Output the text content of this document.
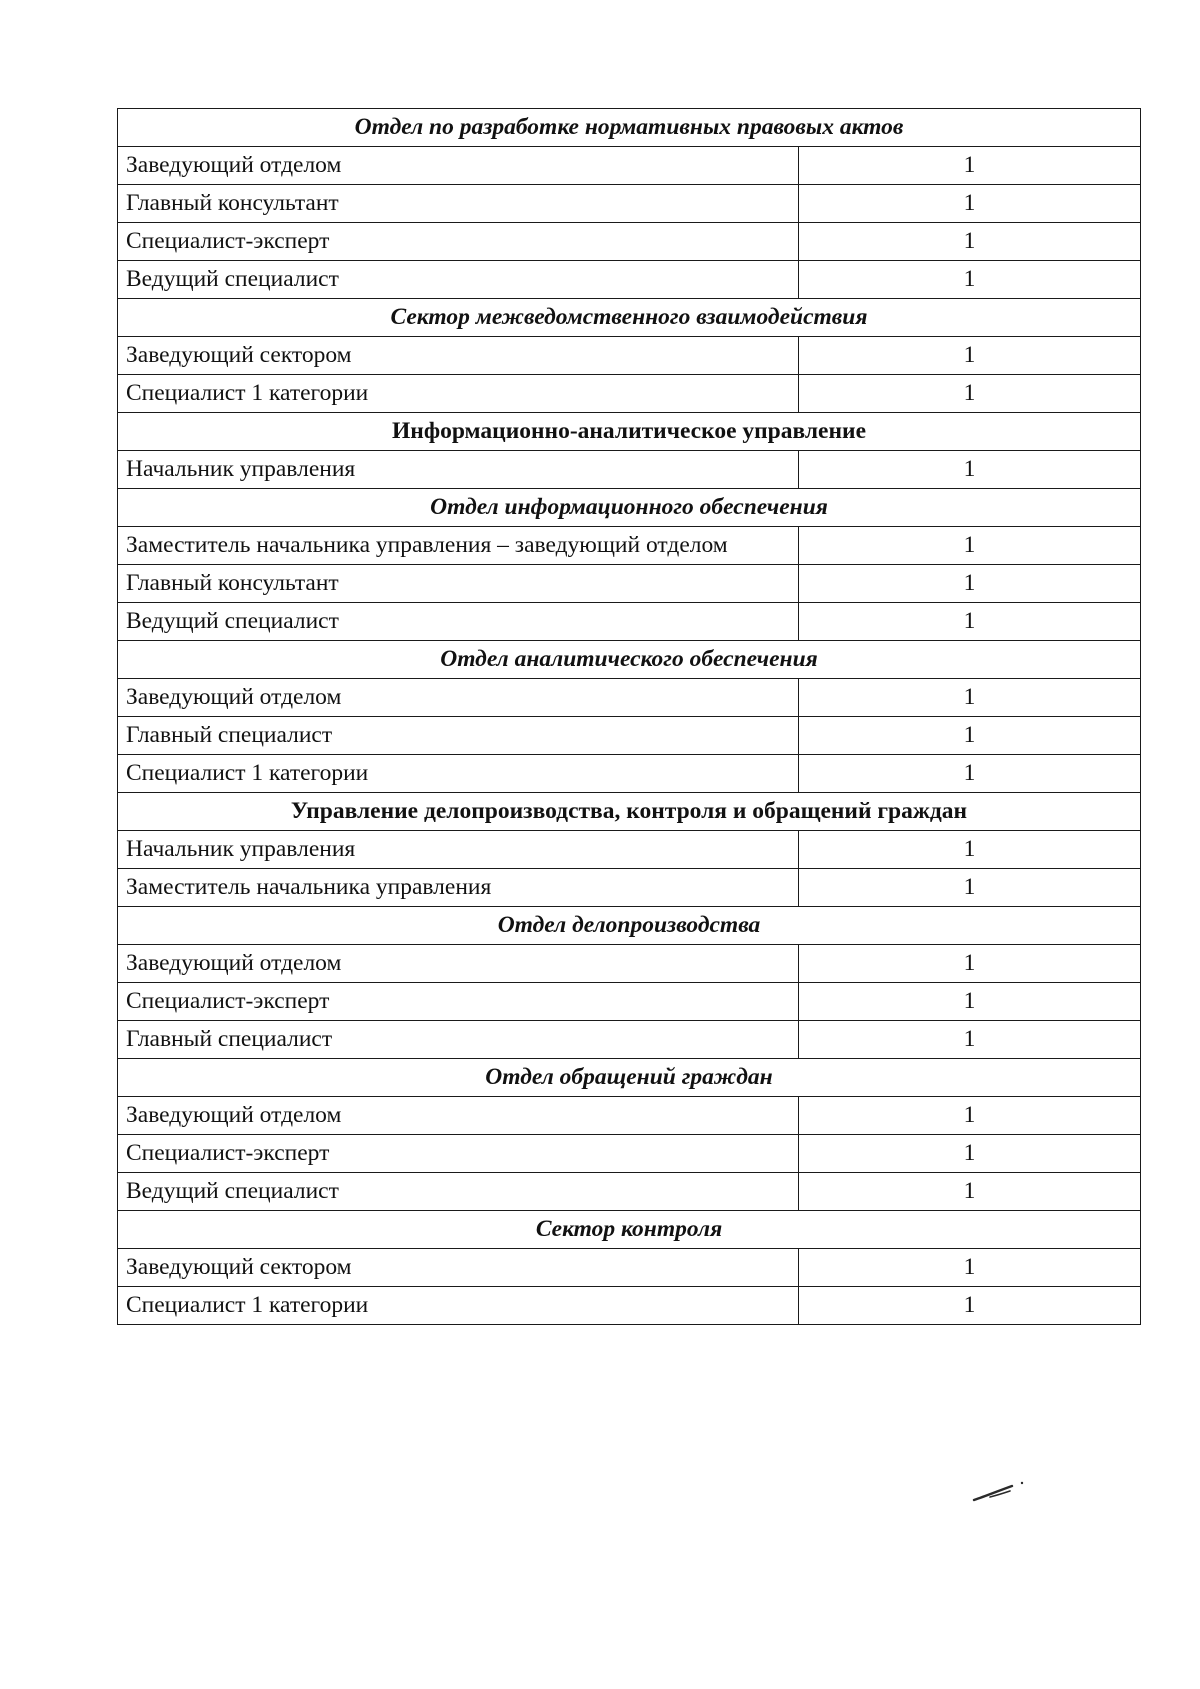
Отдел по разработке нормативных правовых актов	
Заведующий отделом	1
Главный консультант	1
Специалист-эксперт	1
Ведущий специалист	1
Сектор межведомственного взаимодействия	
Заведующий сектором	1
Специалист 1 категории	1
Информационно-аналитическое управление	
Начальник управления	1
Отдел информационного обеспечения	
Заместитель начальника управления – заведующий отделом	1
Главный консультант	1
Ведущий специалист	1
Отдел аналитического обеспечения	
Заведующий отделом	1
Главный специалист	1
Специалист 1 категории	1
Управление делопроизводства, контроля и обращений граждан	
Начальник управления	1
Заместитель начальника управления	1
Отдел делопроизводства	
Заведующий отделом	1
Специалист-эксперт	1
Главный специалист	1
Отдел обращений граждан	
Заведующий отделом	1
Специалист-эксперт	1
Ведущий специалист	1
Сектор контроля	
Заведующий сектором	1
Специалист 1 категории	1
